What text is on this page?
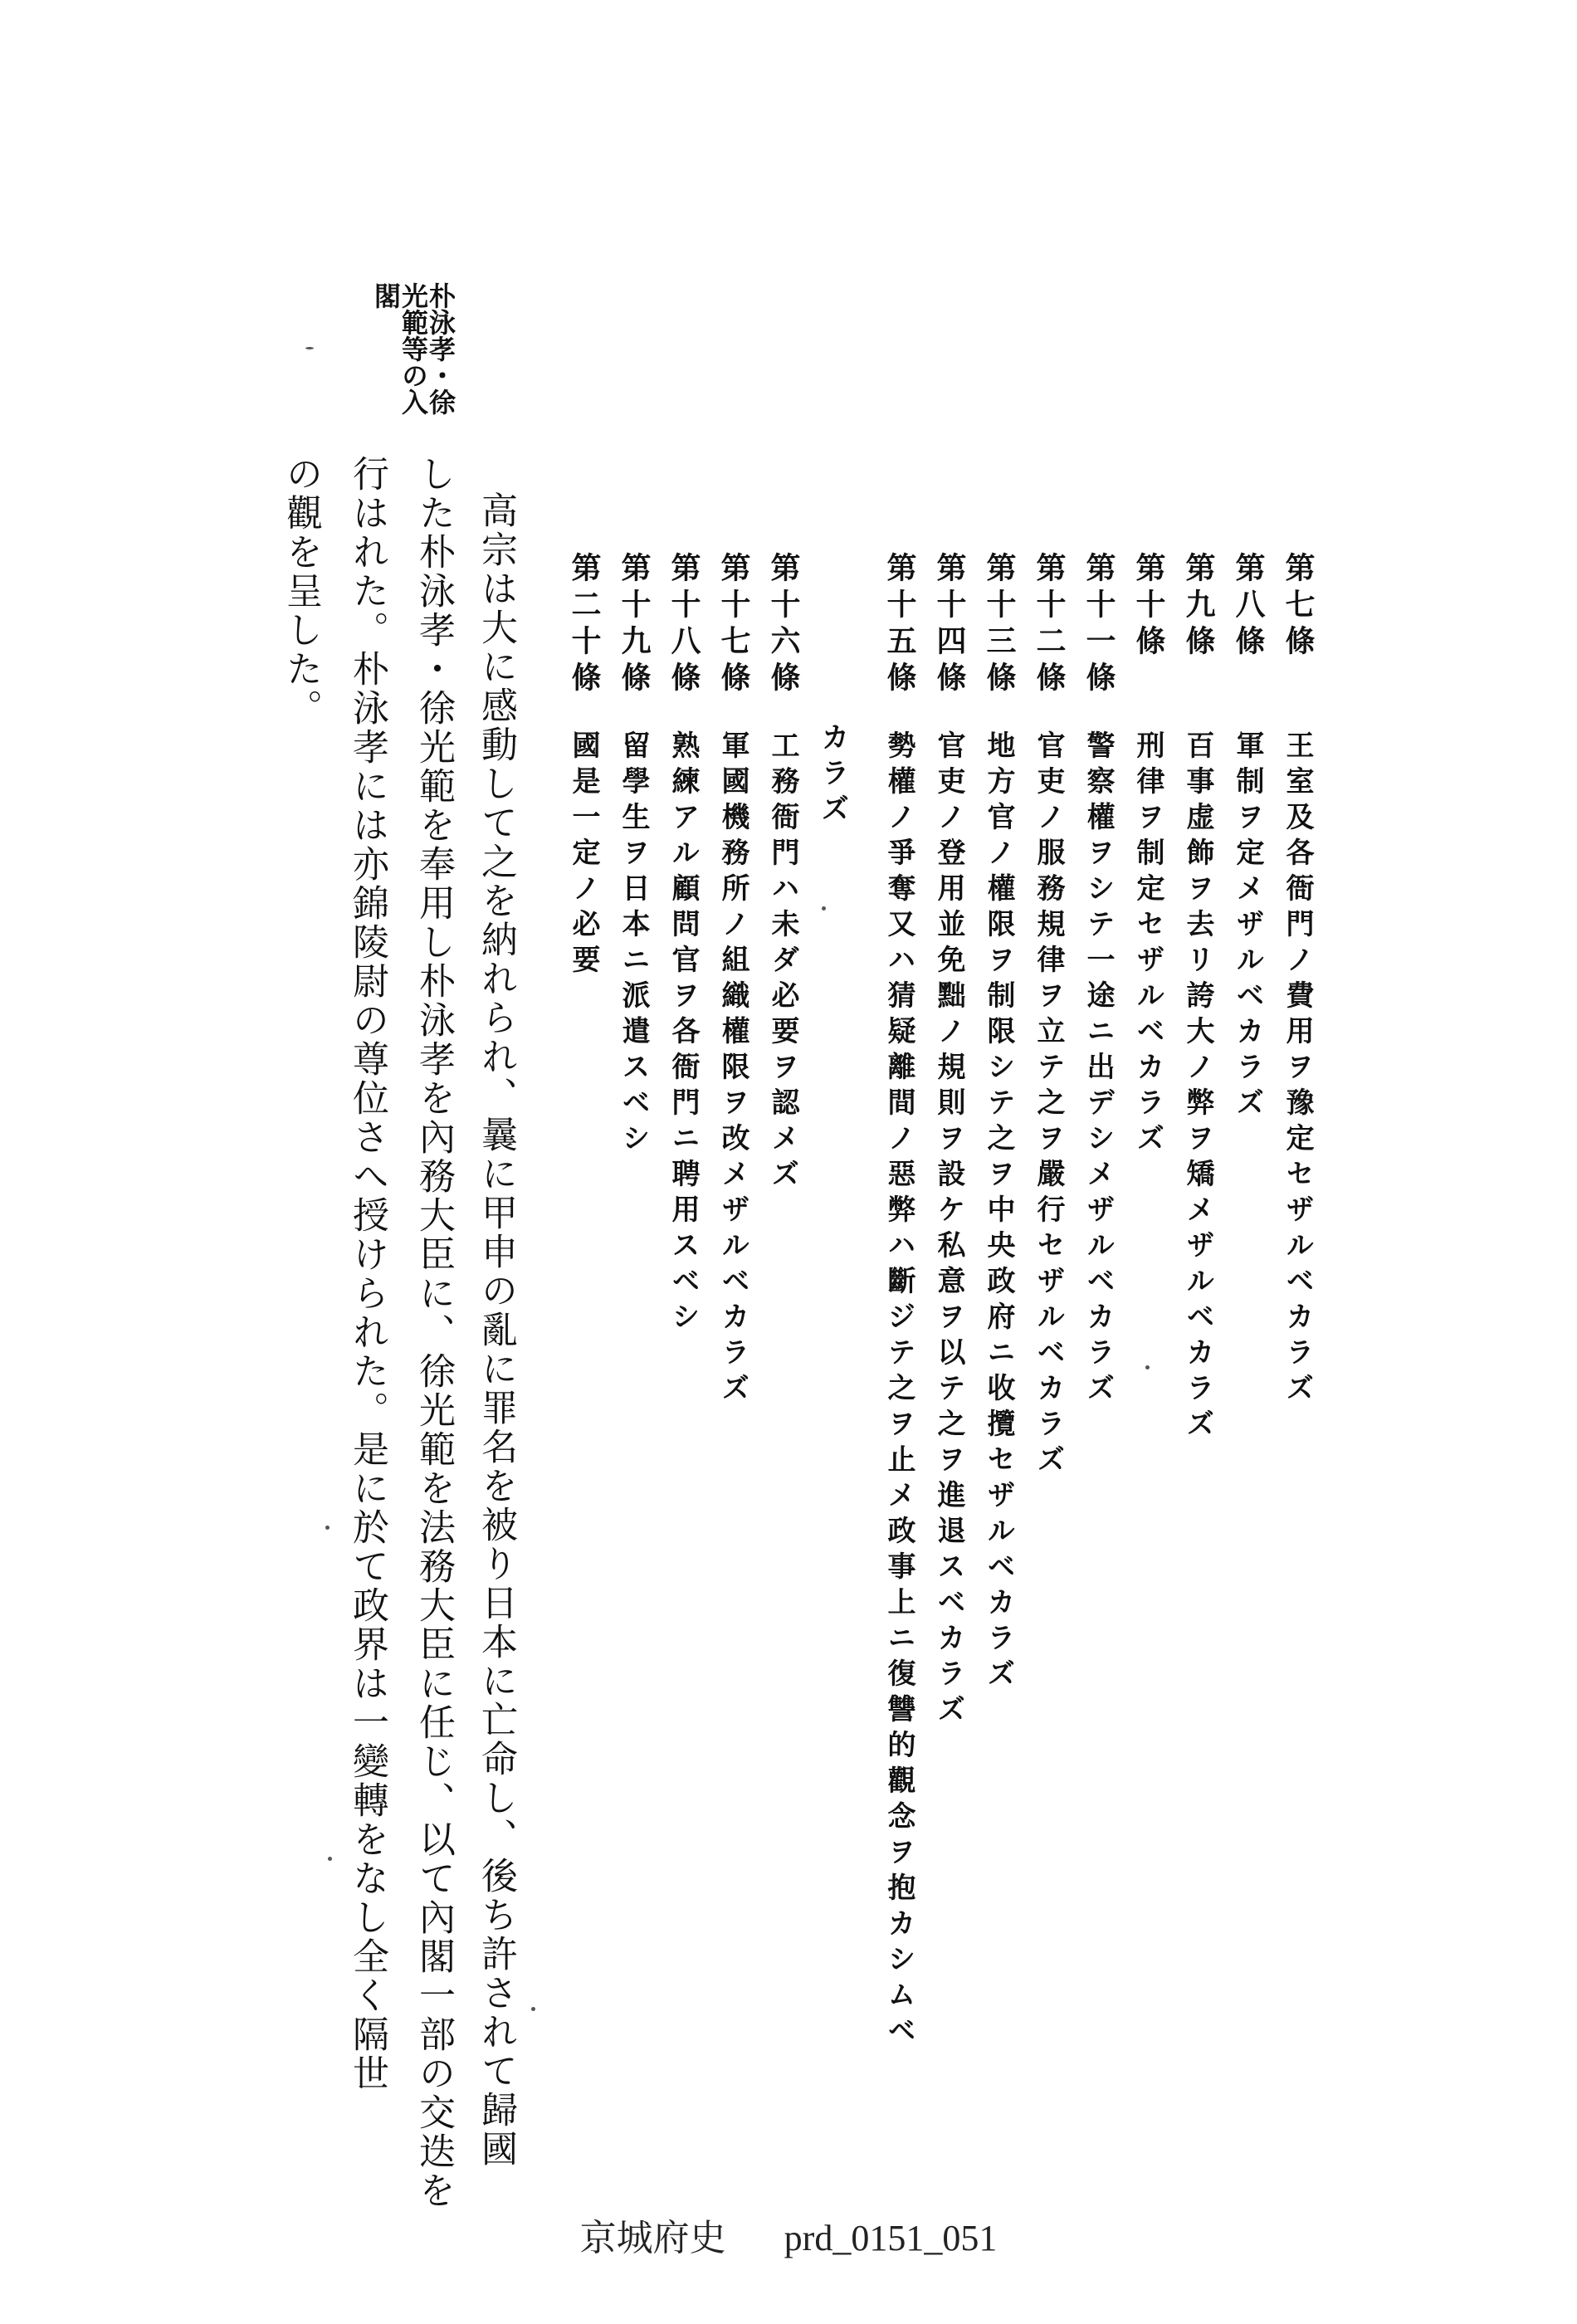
第七條
王室及各衙門ノ費用ヲ豫定セザルベカラズ
第八條
軍制ヲ定メザルベカラズ
第九條
百事虚飾ヲ去リ誇大ノ弊ヲ矯メザルベカラズ
第十條
刑律ヲ制定セザルベカラズ
第十一條
警察權ヲシテ一途ニ出デシメザルベカラズ
第十二條
官吏ノ服務規律ヲ立テ之ヲ嚴行セザルベカラズ
第十三條
地方官ノ權限ヲ制限シテ之ヲ中央政府ニ收攬セザルベカラズ
第十四條
官吏ノ登用並免黜ノ規則ヲ設ケ私意ヲ以テ之ヲ進退スベカラズ
第十五條
勢權ノ爭奪又ハ猜疑離間ノ惡弊ハ斷ジテ之ヲ止メ政事上ニ復讐的觀念ヲ抱カシムベ
カラズ
第十六條
工務衙門ハ未ダ必要ヲ認メズ
第十七條
軍國機務所ノ組織權限ヲ改メザルベカラズ
第十八條
熟練アル顧問官ヲ各衙門ニ聘用スベシ
第十九條
留學生ヲ日本ニ派遣スベシ
第二十條
國是一定ノ必要
高宗は大に感動して之を納れられ、曩に甲申の亂に罪名を被り日本に亡命し、後ち許されて歸國
した朴泳孝・徐光範を奉用し朴泳孝を內務大臣に、徐光範を法務大臣に任じ、以て內閣一部の交迭を
行はれた。朴泳孝には亦錦陵尉の尊位さへ授けられた。是に於て政界は一變轉をなし全く隔世
の觀を呈した。
朴泳孝・徐
光範等の入
閣
京城府史 prd_0151_051
